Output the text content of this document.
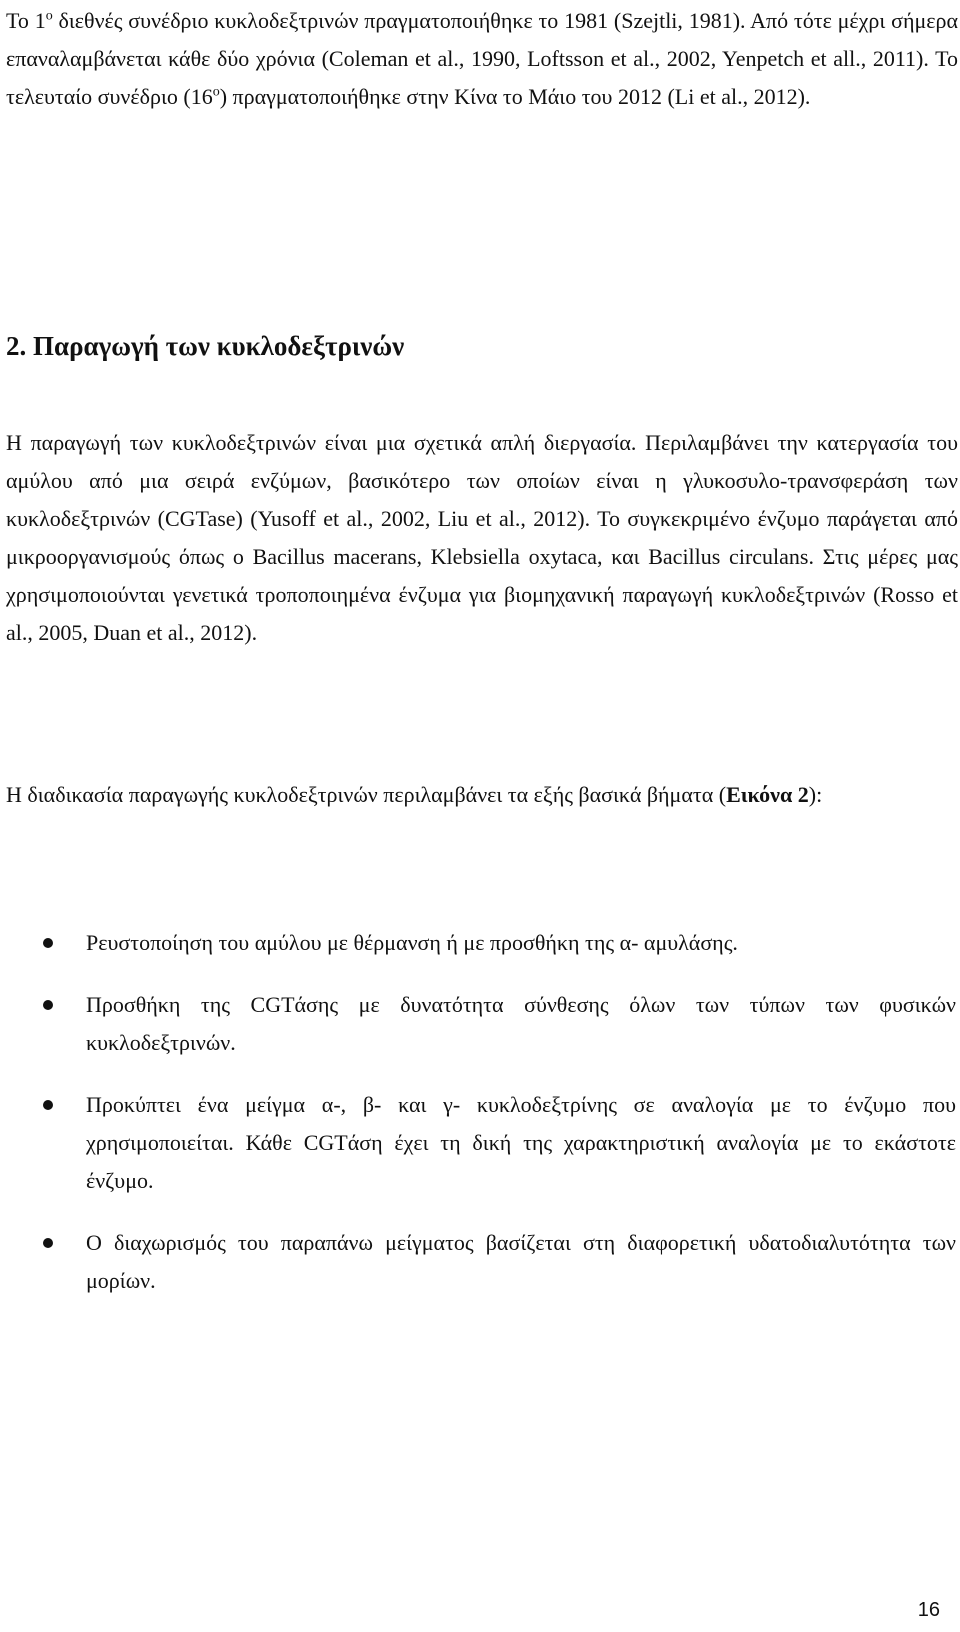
Το $1^o$ διεθνές συνέδριο κυκλοδεξτρινών πραγματοποιήθηκε το 1981 (Szejtli, 1981). Από τότε μέχρι σήμερα επαναλαμβάνεται κάθε δύο χρόνια (Coleman et al., 1990, Loftsson et al., 2002, Yenpetch et all., 2011). Το τελευταίο συνέδριο $(16^o)$ πραγματοποιήθηκε στην Κίνα το Μάιο του 2012 (Li et al., 2012).

2. Παραγωγή των κυκλοδεξτρινών

Η παραγωγή των κυκλοδεξτρινών είναι μια σχετικά απλή διεργασία. Περιλαμβάνει την κατεργασία του αμύλου από μια σειρά ενζύμων, βασικότερο των οποίων είναι η γλυκοσυλο-τρανσφεράση των κυκλοδεξτρινών (CGTase) (Yusoff et al., 2002, Liu et al., 2012). Το συγκεκριμένο ένζυμο παράγεται από μικροοργανισμούς όπως ο Bacillus macerans, Klebsiella oxytaca, και Bacillus circulans. Στις μέρες μας χρησιμοποιούνται γενετικά τροποποιημένα ένζυμα για βιομηχανική παραγωγή κυκλοδεξτρινών (Rosso et al., 2005, Duan et al., 2012).

Η διαδικασία παραγωγής κυκλοδεξτρινών περιλαμβάνει τα εξής βασικά βήματα (Εικόνα 2):

Ρευστοποίηση του αμύλου με θέρμανση ή με προσθήκη της α- αμυλάσης.
Προσθήκη της CGTάσης με δυνατότητα σύνθεσης όλων των τύπων των φυσικών κυκλοδεξτρινών.
Προκύπτει ένα μείγμα α-, β- και γ- κυκλοδεξτρίνης σε αναλογία με το ένζυμο που χρησιμοποιείται. Κάθε CGTάση έχει τη δική της χαρακτηριστική αναλογία με το εκάστοτε ένζυμο.
Ο διαχωρισμός του παραπάνω μείγματος βασίζεται στη διαφορετική υδατοδιαλυτότητα των μορίων.
16
